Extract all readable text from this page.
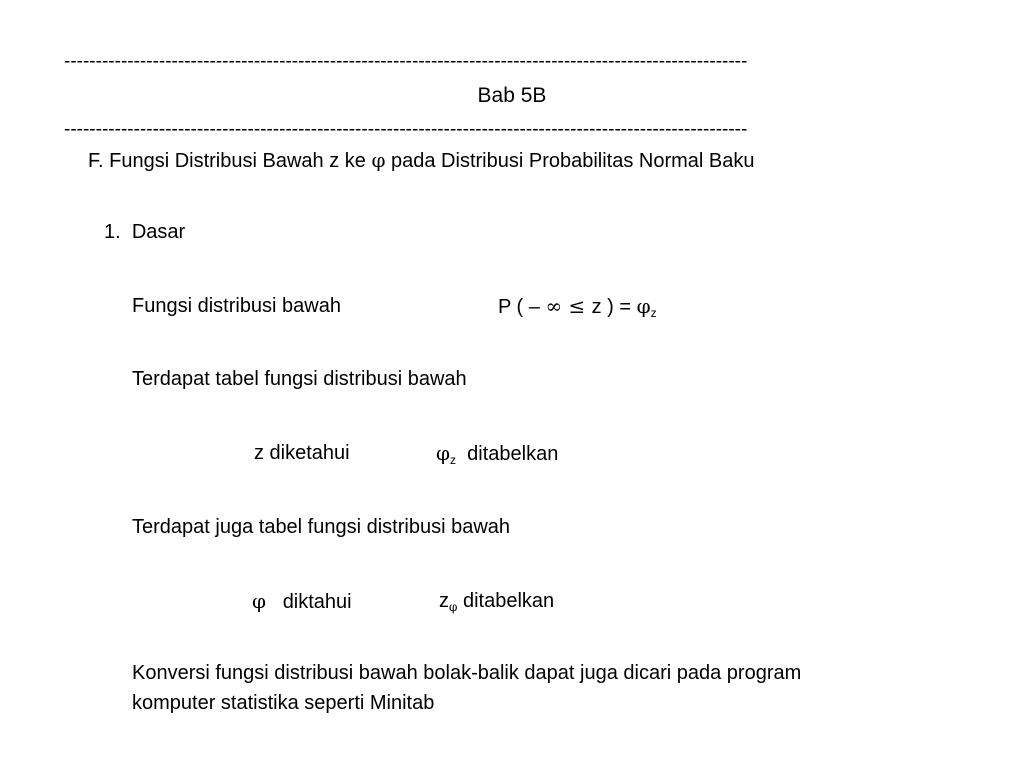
------------------------------------------------------------------------------------------------------------
Bab 5B
------------------------------------------------------------------------------------------------------------
F. Fungsi Distribusi Bawah z ke φ pada Distribusi Probabilitas Normal Baku
1. Dasar
Fungsi distribusi bawah	P ( – ∞ ≤ z ) = $\varphi_z$
Terdapat tabel fungsi distribusi bawah
z diketahui	$\varphi_z$ ditabelkan
Terdapat juga tabel fungsi distribusi bawah
φ diktahui	$z_\varphi$ ditabelkan
Konversi fungsi distribusi bawah bolak-balik dapat juga dicari pada program
komputer statistika seperti Minitab
